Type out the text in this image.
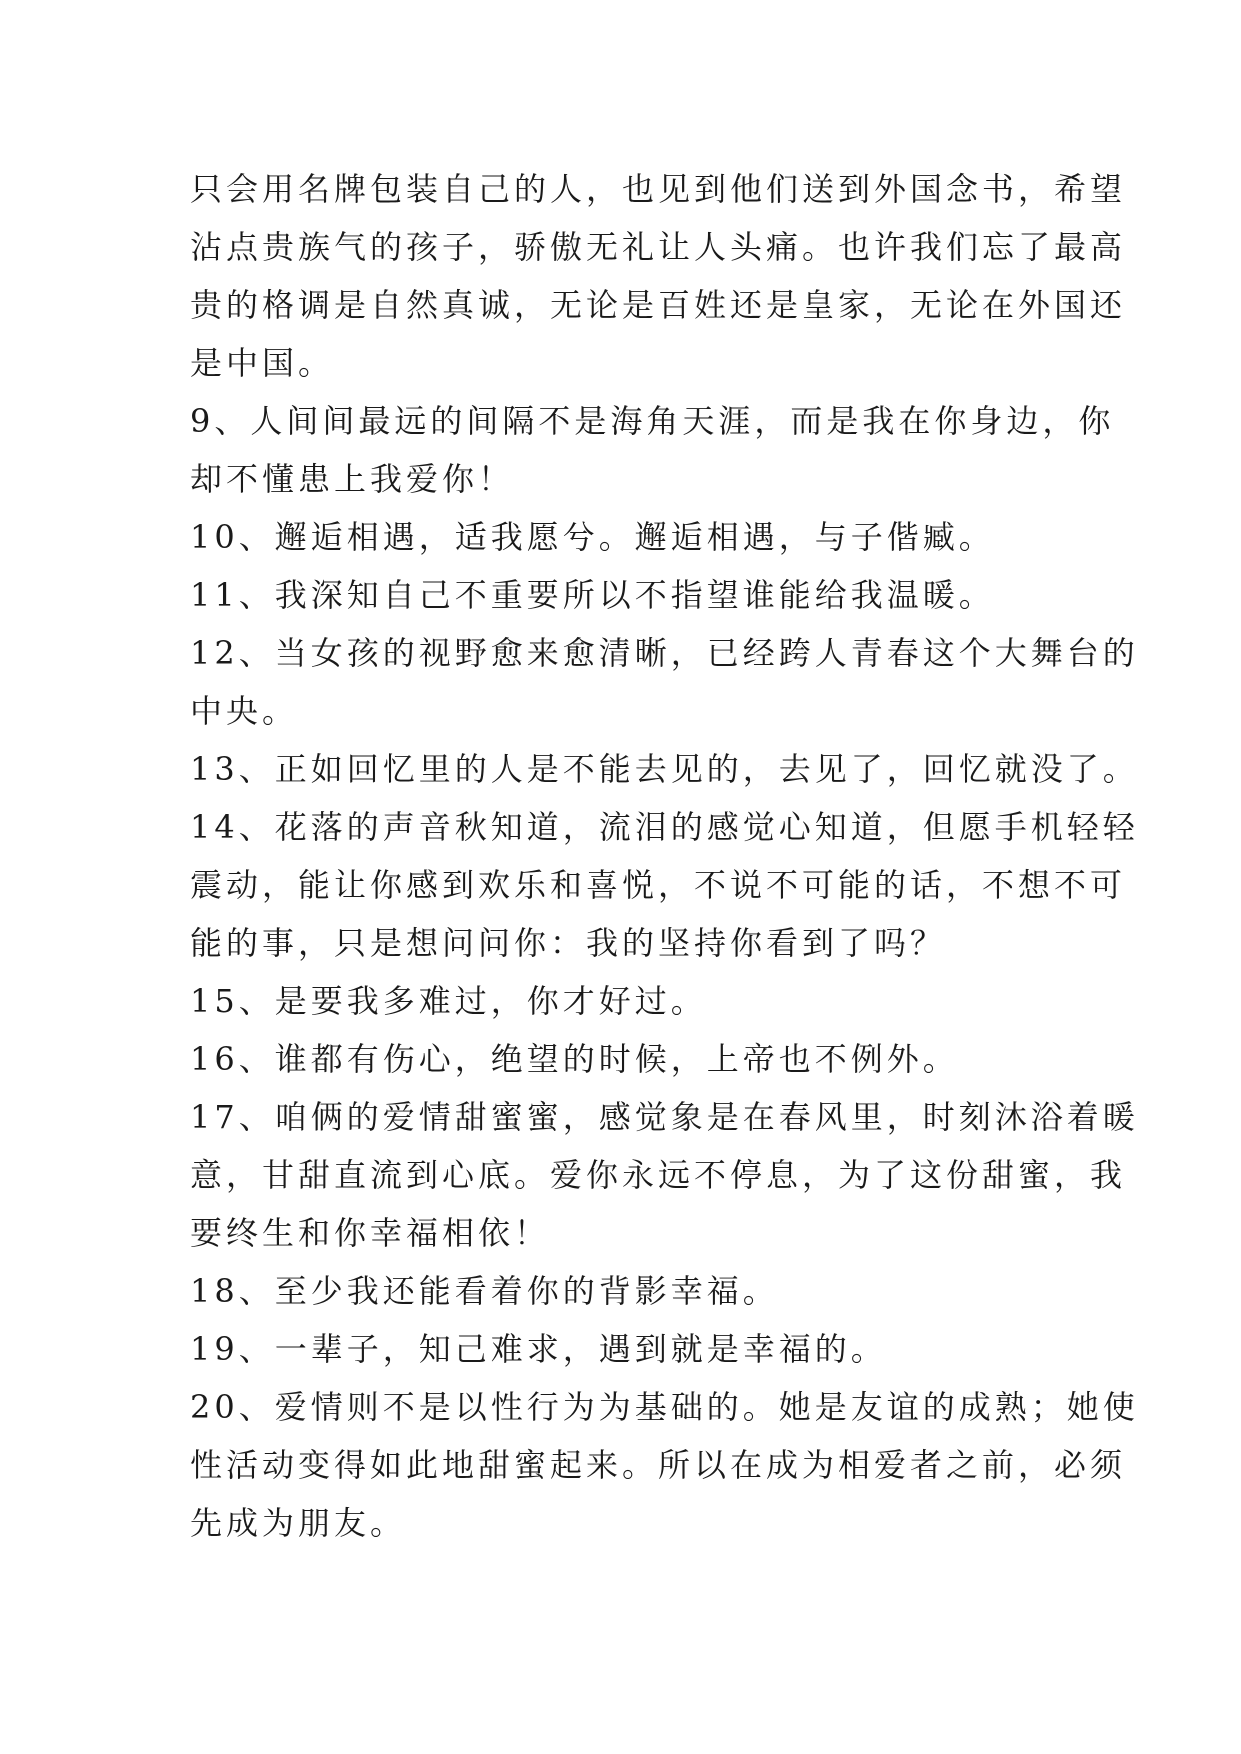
只会用名牌包装自己的人，也见到他们送到外国念书，希望
沾点贵族气的孩子，骄傲无礼让人头痛。也许我们忘了最高
贵的格调是自然真诚，无论是百姓还是皇家，无论在外国还
是中国。
9、人间间最远的间隔不是海角天涯，而是我在你身边，你
却不懂患上我爱你！
10、邂逅相遇，适我愿兮。邂逅相遇，与子偕臧。
11、我深知自己不重要所以不指望谁能给我温暖。
12、当女孩的视野愈来愈清晰，已经跨人青春这个大舞台的
中央。
13、正如回忆里的人是不能去见的，去见了，回忆就没了。
14、花落的声音秋知道，流泪的感觉心知道，但愿手机轻轻
震动，能让你感到欢乐和喜悦，不说不可能的话，不想不可
能的事，只是想问问你：我的坚持你看到了吗？
15、是要我多难过，你才好过。
16、谁都有伤心，绝望的时候，上帝也不例外。
17、咱俩的爱情甜蜜蜜，感觉象是在春风里，时刻沐浴着暖
意，甘甜直流到心底。爱你永远不停息，为了这份甜蜜，我
要终生和你幸福相依！
18、至少我还能看着你的背影幸福。
19、一辈子，知己难求，遇到就是幸福的。
20、爱情则不是以性行为为基础的。她是友谊的成熟；她使
性活动变得如此地甜蜜起来。所以在成为相爱者之前，必须
先成为朋友。
